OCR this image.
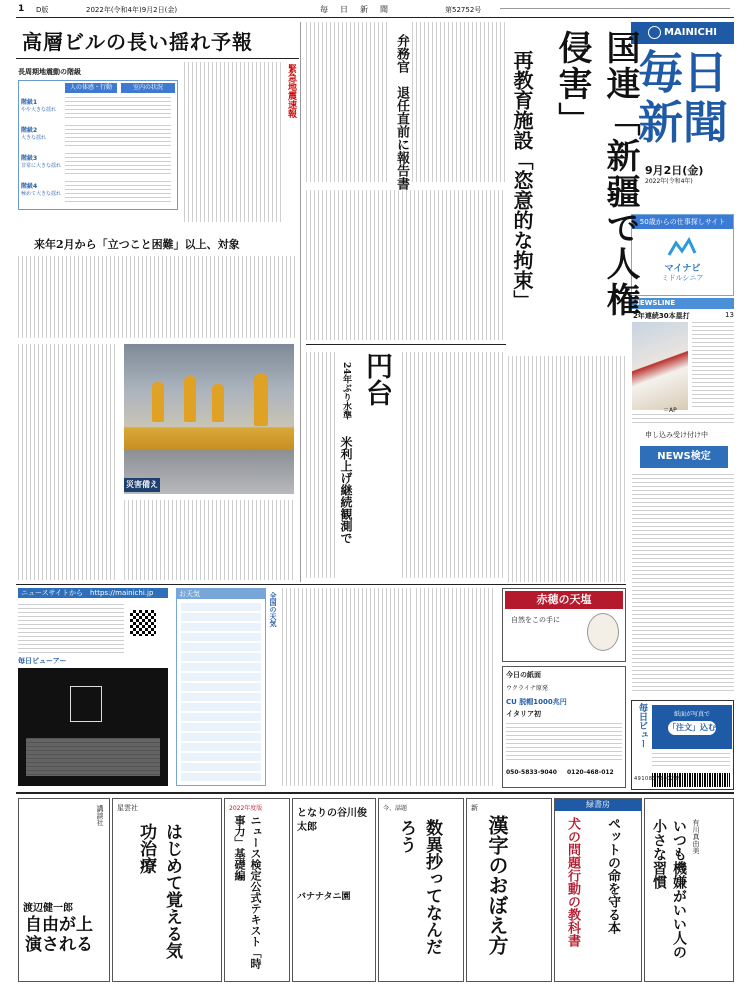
1 D版	2022年(令和4年)9月2日(金)	毎　日　新　聞	第52752号
MAINICHI
毎日新聞
9月2日(金)
2022年(令和4年)
50歳からの仕事探しサイト
マイナビ
ミドルシニア
NEWSLINE
2年連続30本塁打	13
＝AP
申し込み受け付け中
NEWS検定
毎日ビュー	紙面が写真で
「注文」込む
4910837500229
高層ビルの長い揺れ予報
長周期地震動の階級
人の体感・行動	室内の状況
階級1
やや大きな揺れ
階級2
大きな揺れ
階級3
非常に大きな揺れ
階級4
極めて大きな揺れ
緊急地震速報
来年2月から「立つこと困難」以上、対象
災害備え
国連「新疆で人権侵害」
再教育施設「恣意的な拘束」
弁務官　退任直前に報告書
　円台
24年ぶり水準
米利上げ継続観測で
ニュースサイトから　 https://mainichi.jp
毎日ビューアー
お天気	全国の天気	赤穂の天塩
自然をこの手に
今日の紙面
ウクライナ原発
CU 脱帽1000兆円
イタリア初
050-5833-9040 0120-468-012
講談社
渡辺健一郎
自由が上演される
星雲社
はじめて覚える気功治療
2022年度版
ニュース検定公式テキスト「時事力」基礎編
となりの谷川俊太郎
バナナタニ園
今、話題
数異抄ってなんだろう
新
漢字のおぼえ方
緑書房
ペットの命を守る本
犬の問題行動の教科書	有川真由美
いつも機嫌がいい人の小さな習慣
